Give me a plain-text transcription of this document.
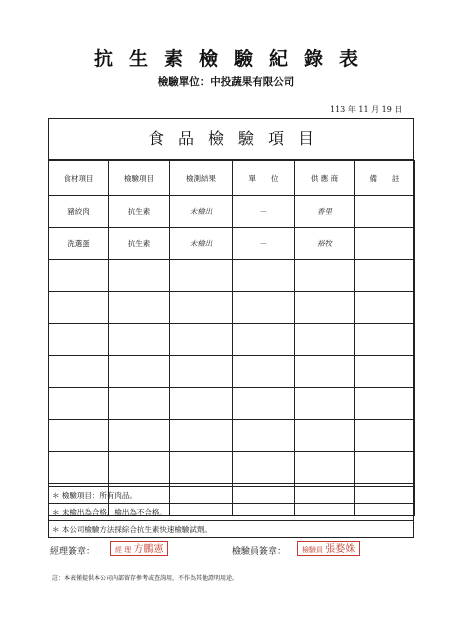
抗生素檢驗紀錄表
檢驗單位：中投蔬果有限公司
113 年 11 月 19 日
食品檢驗項目
食材項目	檢驗項目	檢測結果	單　　位	供 應 商	備　　註
豬絞肉	抗生素	未檢出	－	香里	
洗選蛋	抗生素	未檢出	－	裕牧	

＊ 檢驗項目：所有肉品。
＊ 未檢出為合格，檢出為不合格。
＊ 本公司檢驗方法採綜合抗生素快速檢驗試劑。
經理簽章：	經 理 方鵬憲	檢驗員簽章：	檢驗員 張婺姝
註：本表僅提供本公司內部留存參考或查詢用，不作為其他證明用途。
